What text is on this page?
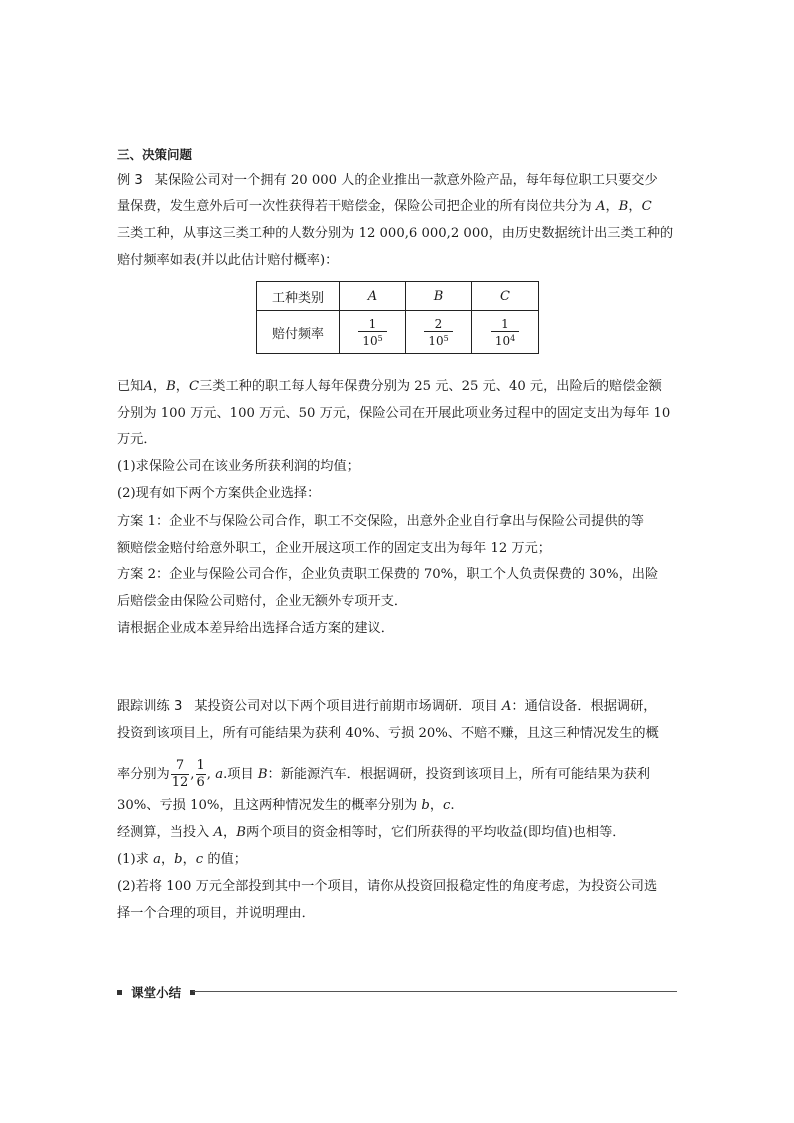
三、决策问题
例 3 某保险公司对一个拥有 20 000 人的企业推出一款意外险产品，每年每位职工只要交少
量保费，发生意外后可一次性获得若干赔偿金，保险公司把企业的所有岗位共分为 A，B，C
三类工种，从事这三类工种的人数分别为 12 000,6 000,2 000，由历史数据统计出三类工种的
赔付频率如表(并以此估计赔付概率)：
工种类别	A	B	C
赔付频率	$\frac{1}{10^5}$	$\frac{2}{10^5}$	$\frac{1}{10^4}$
已知A，B，C三类工种的职工每人每年保费分别为 25 元、25 元、40 元，出险后的赔偿金额
分别为 100 万元、100 万元、50 万元，保险公司在开展此项业务过程中的固定支出为每年 10
万元．
(1)求保险公司在该业务所获利润的均值；
(2)现有如下两个方案供企业选择：
方案 1：企业不与保险公司合作，职工不交保险，出意外企业自行拿出与保险公司提供的等
额赔偿金赔付给意外职工，企业开展这项工作的固定支出为每年 12 万元；
方案 2：企业与保险公司合作，企业负责职工保费的 70%，职工个人负责保费的 30%，出险
后赔偿金由保险公司赔付，企业无额外专项开支．
请根据企业成本差异给出选择合适方案的建议．
跟踪训练 3 某投资公司对以下两个项目进行前期市场调研．项目 A：通信设备．根据调研，
投资到该项目上，所有可能结果为获利 40%、亏损 20%、不赔不赚，且这三种情况发生的概
率分别为 $\frac{7}{12}$ , $\frac{1}{6}$ , a.项目 B：新能源汽车．根据调研，投资到该项目上，所有可能结果为获利
30%、亏损 10%，且这两种情况发生的概率分别为 b，c.
经测算，当投入 A，B两个项目的资金相等时，它们所获得的平均收益(即均值)也相等．
(1)求 a，b，c 的值；
(2)若将 100 万元全部投到其中一个项目，请你从投资回报稳定性的角度考虑，为投资公司选
择一个合理的项目，并说明理由．
课堂小结
